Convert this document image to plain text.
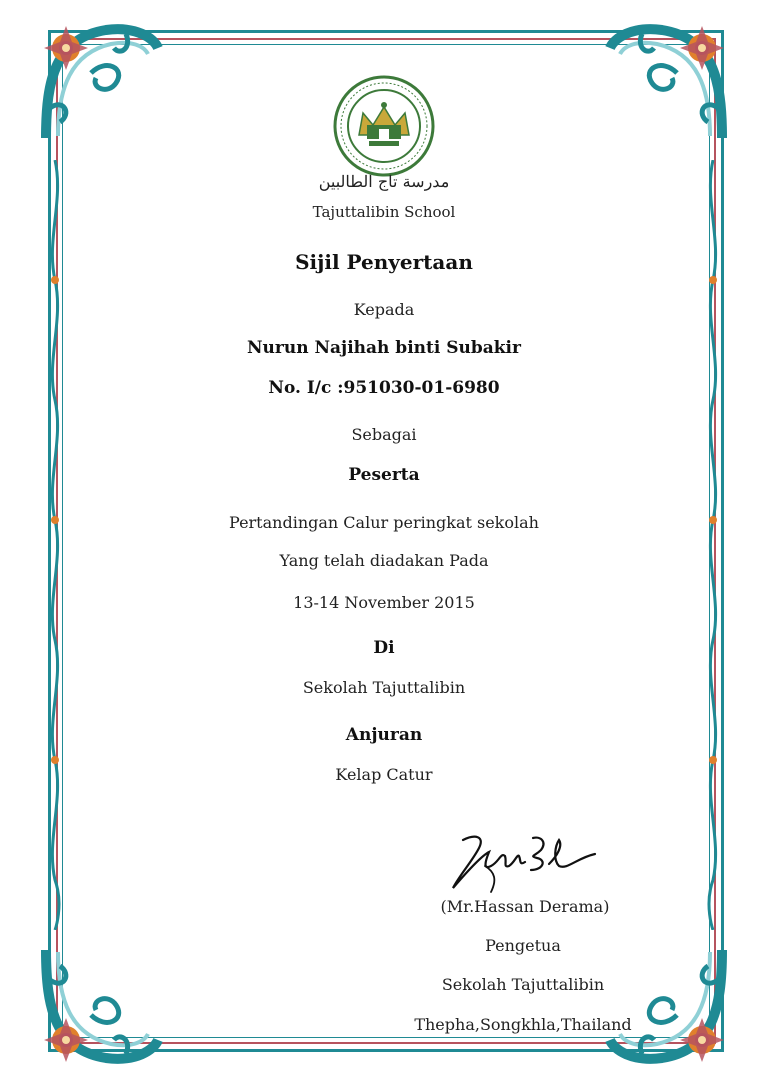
مدرسة تاج الطالبين
Tajuttalibin School
Sijil Penyertaan
Kepada
Nurun Najihah binti Subakir
No. I/c :951030-01-6980
Sebagai
Peserta
Pertandingan Calur peringkat sekolah
Yang telah diadakan Pada
13-14 November 2015
Di
Sekolah Tajuttalibin
Anjuran
Kelap Catur
(Mr.Hassan Derama)
Pengetua
Sekolah Tajuttalibin
Thepha,Songkhla,Thailand
